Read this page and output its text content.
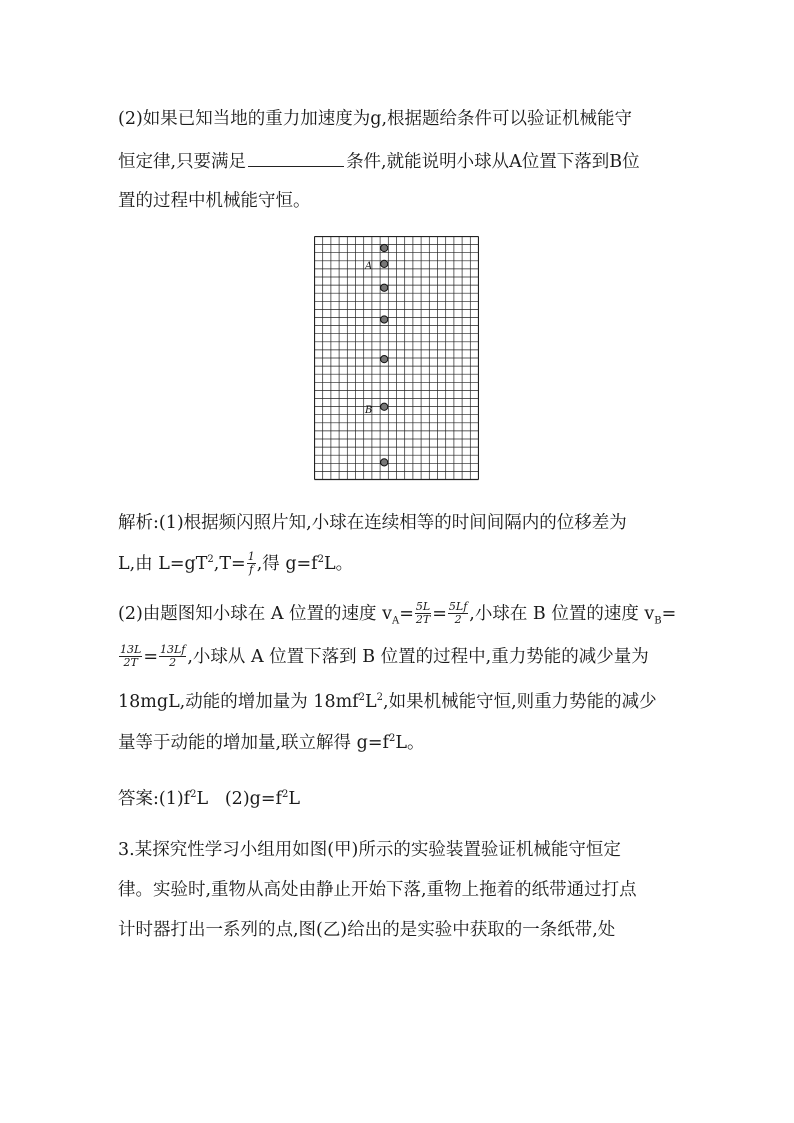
(2)如果已知当地的重力加速度为g,根据题给条件可以验证机械能守
恒定律,只要满足	条件,就能说明小球从A位置下落到B位
置的过程中机械能守恒。
A
B
解析:(1)根据频闪照片知,小球在连续相等的时间间隔内的位移差为
L,由 $L=gT^2,T= \frac{1}{f}$ ,得 $g=f^2L$。
(2)由题图知小球在 A 位置的速度 $v_A= \frac{5L}{2T} = \frac{5Lf}{2}$ ,小球在 B 位置的速度 $v_B=$
$\frac{13L}{2T} = \frac{13Lf}{2}$ ,小球从 A 位置下落到 B 位置的过程中,重力势能的减少量为
18mgL,动能的增加量为 $18mf^2L^2$,如果机械能守恒,则重力势能的减少
量等于动能的增加量,联立解得 $g=f^2L$。
答案$:(1)f^2L$   $(2)g=f^2L$
3.某探究性学习小组用如图(甲)所示的实验装置验证机械能守恒定
律。实验时,重物从高处由静止开始下落,重物上拖着的纸带通过打点
计时器打出一系列的点,图(乙)给出的是实验中获取的一条纸带,处
